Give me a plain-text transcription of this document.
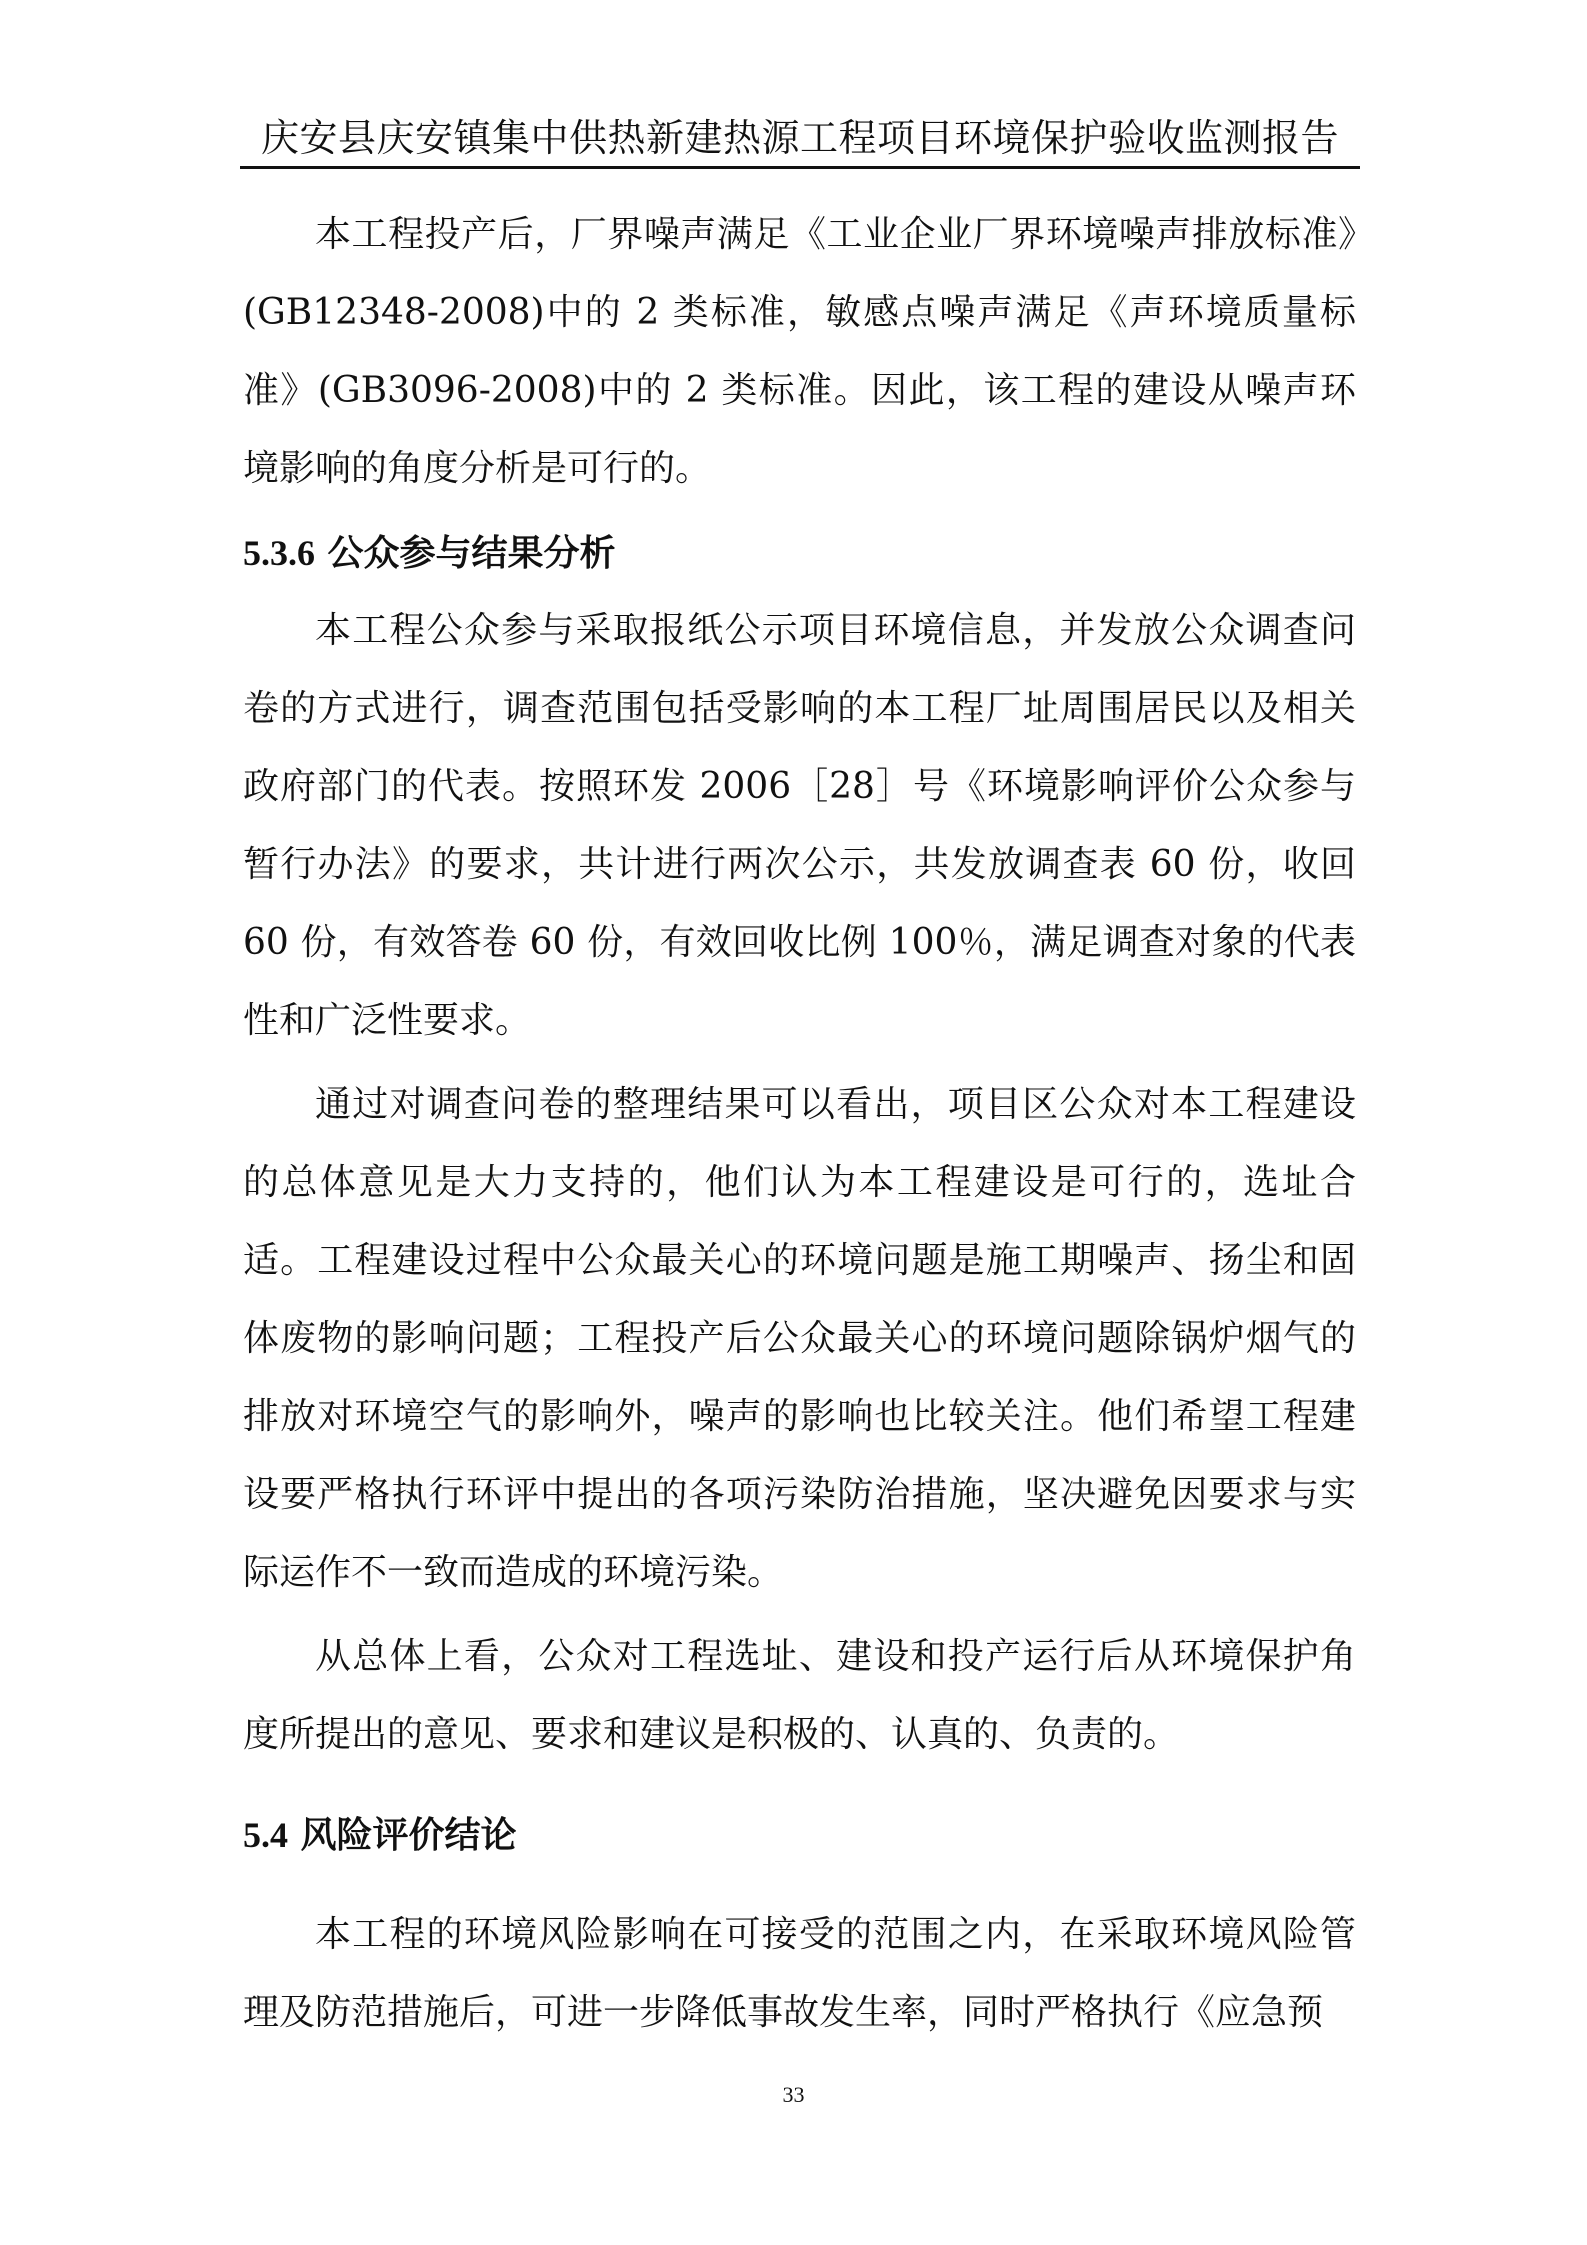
庆安县庆安镇集中供热新建热源工程项目环境保护验收监测报告

本工程投产后，厂界噪声满足《工业企业厂界环境噪声排放标准》(GB12348-2008)中的 2 类标准，敏感点噪声满足《声环境质量标准》(GB3096-2008)中的 2 类标准。因此，该工程的建设从噪声环境影响的角度分析是可行的。

5.3.6 公众参与结果分析

本工程公众参与采取报纸公示项目环境信息，并发放公众调查问卷的方式进行，调查范围包括受影响的本工程厂址周围居民以及相关政府部门的代表。按照环发 2006［28］号《环境影响评价公众参与暂行办法》的要求，共计进行两次公示，共发放调查表 60 份，收回 60 份，有效答卷 60 份，有效回收比例 100％，满足调查对象的代表性和广泛性要求。

通过对调查问卷的整理结果可以看出，项目区公众对本工程建设的总体意见是大力支持的，他们认为本工程建设是可行的，选址合适。工程建设过程中公众最关心的环境问题是施工期噪声、扬尘和固体废物的影响问题；工程投产后公众最关心的环境问题除锅炉烟气的排放对环境空气的影响外，噪声的影响也比较关注。他们希望工程建设要严格执行环评中提出的各项污染防治措施，坚决避免因要求与实际运作不一致而造成的环境污染。

从总体上看，公众对工程选址、建设和投产运行后从环境保护角度所提出的意见、要求和建议是积极的、认真的、负责的。

5.4 风险评价结论

本工程的环境风险影响在可接受的范围之内，在采取环境风险管理及防范措施后，可进一步降低事故发生率，同时严格执行《应急预

33
